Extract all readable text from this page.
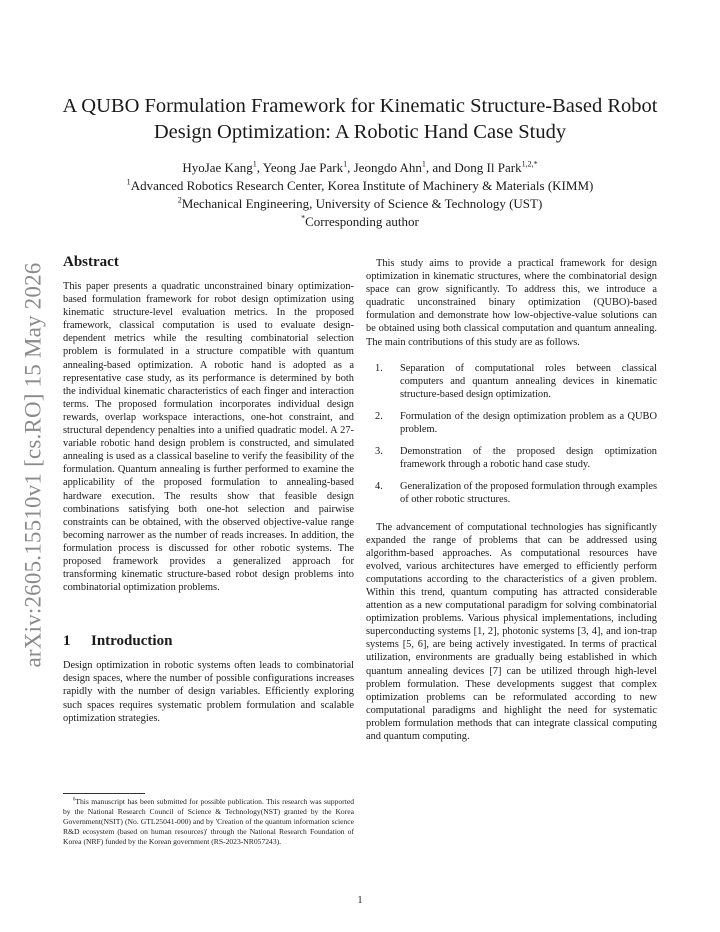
arXiv:2605.15510v1 [cs.RO] 15 May 2026
A QUBO Formulation Framework for Kinematic Structure-Based Robot
Design Optimization: A Robotic Hand Case Study
HyoJae Kang$^1$, Yeong Jae Park$^1$, Jeongdo Ahn$^1$, and Dong Il Park$^{1,2,*}$
$^1$Advanced Robotics Research Center, Korea Institute of Machinery & Materials (KIMM)
$^2$Mechanical Engineering, University of Science & Technology (UST)
*Corresponding author
Abstract

This paper presents a quadratic unconstrained binary optimization-based formulation framework for robot design optimization using kinematic structure-level evaluation metrics. In the proposed framework, classical computation is used to evaluate design-dependent metrics while the resulting combinatorial selection problem is formulated in a structure compatible with quantum annealing-based optimization. A robotic hand is adopted as a representative case study, as its performance is determined by both the individual kinematic characteristics of each finger and interaction terms. The proposed formulation incorporates individual design rewards, overlap workspace interactions, one-hot constraint, and structural dependency penalties into a unified quadratic model. A 27-variable robotic hand design problem is constructed, and simulated annealing is used as a classical baseline to verify the feasibility of the formulation. Quantum annealing is further performed to examine the applicability of the proposed formulation to annealing-based hardware execution. The results show that feasible design combinations satisfying both one-hot selection and pairwise constraints can be obtained, with the observed objective-value range becoming narrower as the number of reads increases. In addition, the formulation process is discussed for other robotic systems. The proposed framework provides a generalized approach for transforming kinematic structure-based robot design problems into combinatorial optimization problems.

1 Introduction

Design optimization in robotic systems often leads to combinatorial design spaces, where the number of possible configurations increases rapidly with the number of design variables. Efficiently exploring such spaces requires systematic problem formulation and scalable optimization strategies.

This study aims to provide a practical framework for design optimization in kinematic structures, where the combinatorial design space can grow significantly. To address this, we introduce a quadratic unconstrained binary optimization (QUBO)-based formulation and demonstrate how low-objective-value solutions can be obtained using both classical computation and quantum annealing. The main contributions of this study are as follows.

1.	Separation of computational roles between classical computers and quantum annealing devices in kinematic structure-based design optimization.
2.	Formulation of the design optimization problem as a QUBO problem.
3.	Demonstration of the proposed design optimization framework through a robotic hand case study.
4.	Generalization of the proposed formulation through examples of other robotic structures.

The advancement of computational technologies has significantly expanded the range of problems that can be addressed using algorithm-based approaches. As computational resources have evolved, various architectures have emerged to efficiently perform computations according to the characteristics of a given problem. Within this trend, quantum computing has attracted considerable attention as a new computational paradigm for solving combinatorial optimization problems. Various physical implementations, including superconducting systems [1, 2], photonic systems [3, 4], and ion-trap systems [5, 6], are being actively investigated. In terms of practical utilization, environments are gradually being established in which quantum annealing devices [7] can be utilized through high-level problem formulation. These developments suggest that complex optimization problems can be reformulated according to new computational paradigms and highlight the need for systematic problem formulation methods that can integrate classical computing and quantum computing.

$^0$This manuscript has been submitted for possible publication. This research was supported by the National Research Council of Science & Technology(NST) granted by the Korea Government(NSIT) (No. GTL25041-000) and by 'Creation of the quantum information science R&D ecosystem (based on human resources)' through the National Research Foundation of Korea (NRF) funded by the Korean government (RS-2023-NR057243).
1
